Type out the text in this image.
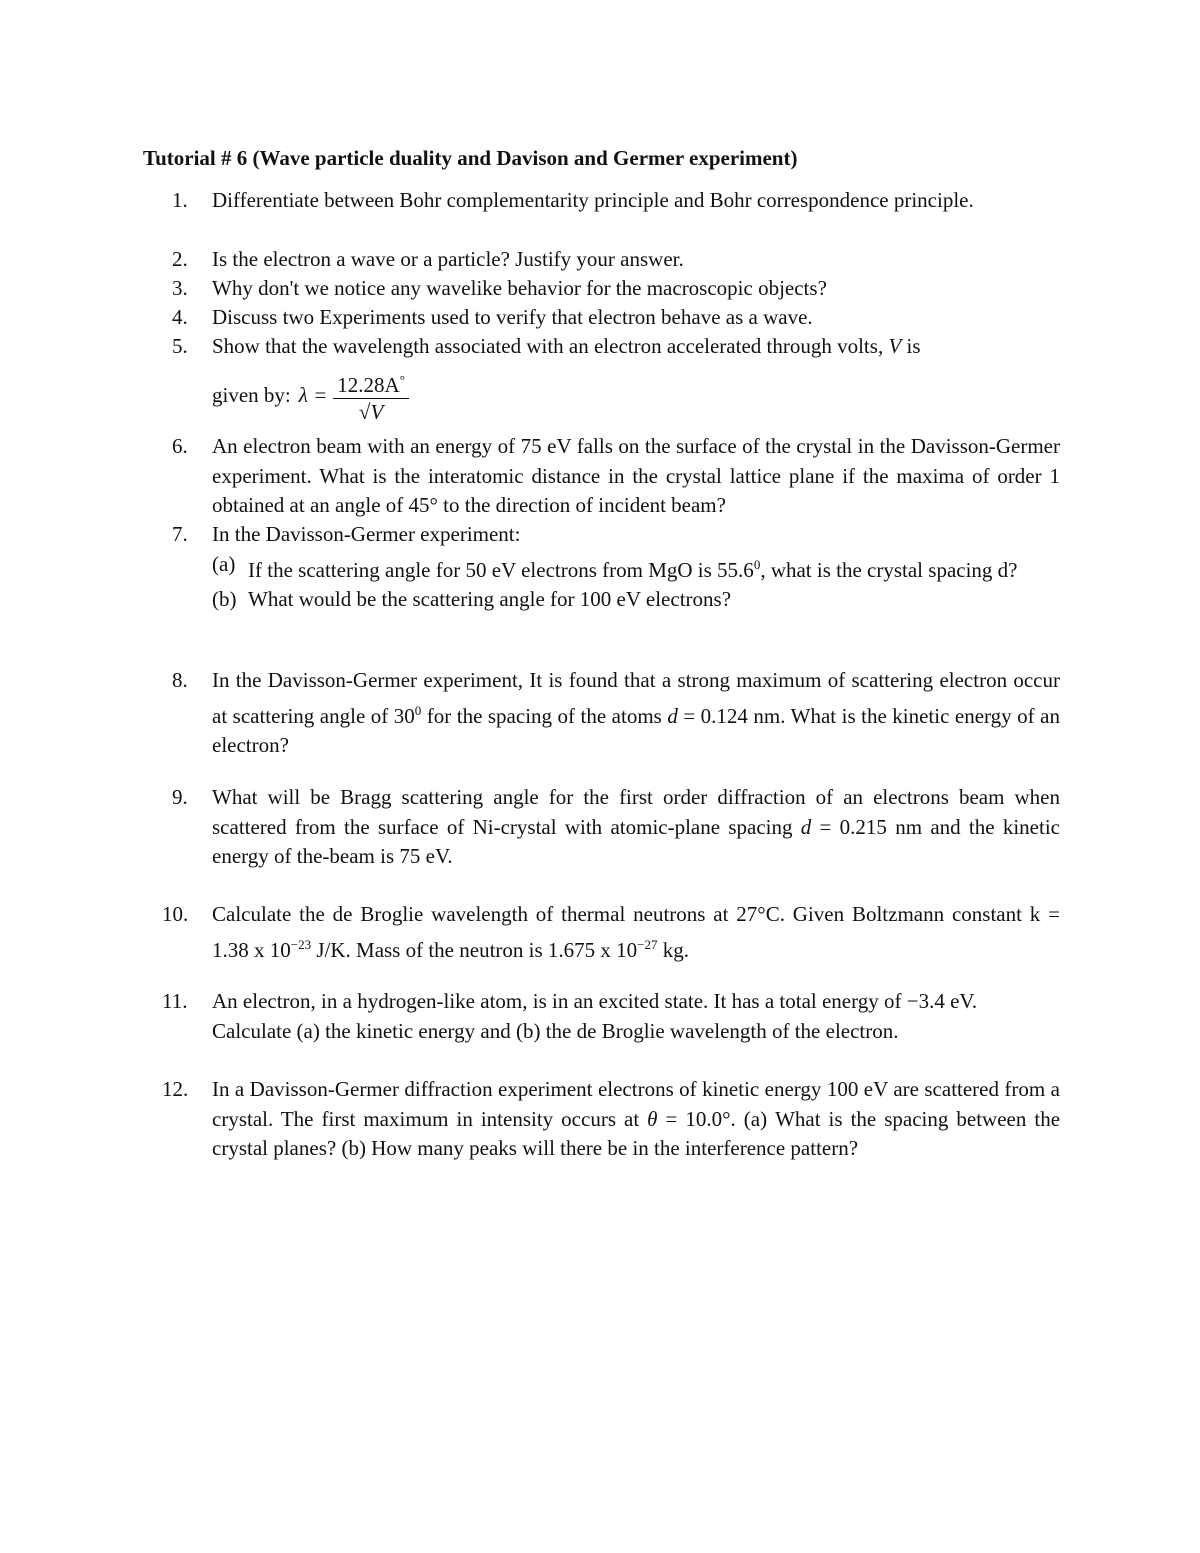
Tutorial # 6 (Wave particle duality and Davison and Germer experiment)
1.	Differentiate between Bohr complementarity principle and Bohr correspondence principle.
2.	Is the electron a wave or a particle? Justify your answer.
3.	Why don't we notice any wavelike behavior for the macroscopic objects?
4.	Discuss two Experiments used to verify that electron behave as a wave.
5.	Show that the wavelength associated with an electron accelerated through volts, V is
given by: $\lambda = \frac{12.28A^\circ}{√V}$
6.	An electron beam with an energy of 75 eV falls on the surface of the crystal in the Davisson-Germer experiment. What is the interatomic distance in the crystal lattice plane if the maxima of order 1 obtained at an angle of 45° to the direction of incident beam?
7.	In the Davisson-Germer experiment:
(a) If the scattering angle for 50 eV electrons from MgO is 55.6$^0$, what is the crystal spacing d?
(b) What would be the scattering angle for 100 eV electrons?
8.	In the Davisson-Germer experiment, It is found that a strong maximum of scattering electron occur at scattering angle of $30^0$ for the spacing of the atoms d = 0.124 nm. What is the kinetic energy of an electron?
9.	What will be Bragg scattering angle for the first order diffraction of an electrons beam when scattered from the surface of Ni-crystal with atomic-plane spacing d = 0.215 nm and the kinetic energy of the-beam is 75 eV.
10.	Calculate the de Broglie wavelength of thermal neutrons at 27°C. Given Boltzmann constant k = 1.38 x $10^{-23}$ J/K. Mass of the neutron is 1.675 x $10^{-27}$ kg.
11.	An electron, in a hydrogen-like atom, is in an excited state. It has a total energy of −3.4 eV. Calculate (a) the kinetic energy and (b) the de Broglie wavelength of the electron.
12.	In a Davisson-Germer diffraction experiment electrons of kinetic energy 100 eV are scattered from a crystal. The first maximum in intensity occurs at θ = 10.0°. (a) What is the spacing between the crystal planes? (b) How many peaks will there be in the interference pattern?
